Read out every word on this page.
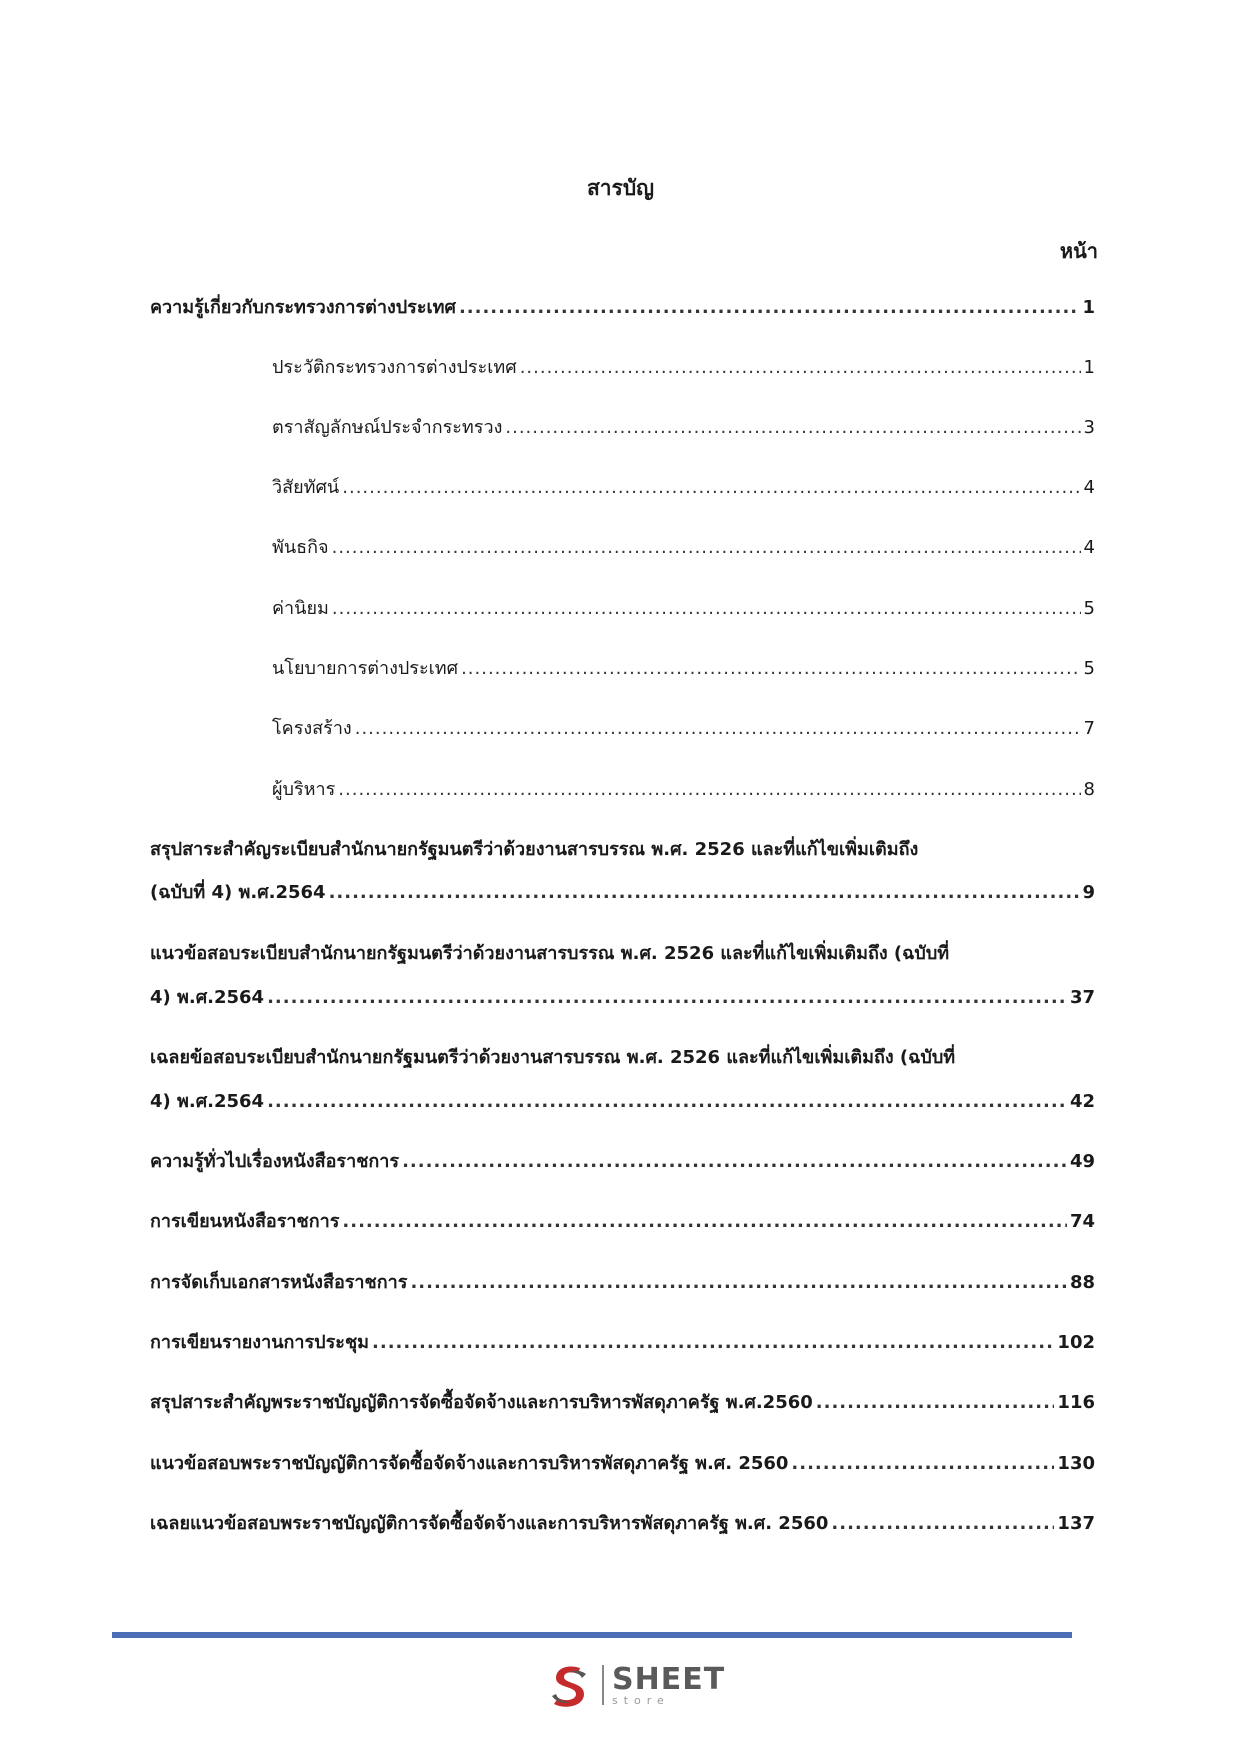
สารบัญ
หน้า
ความรู้เกี่ยวกับกระทรวงการต่างประเทศ .....	1
ประวัติกระทรวงการต่างประเทศ .....	1
ตราสัญลักษณ์ประจำกระทรวง .....	3
วิสัยทัศน์ .....	4
พันธกิจ .....	4
ค่านิยม .....	5
นโยบายการต่างประเทศ .....	5
โครงสร้าง .....	7
ผู้บริหาร .....	8
สรุปสาระสำคัญระเบียบสำนักนายกรัฐมนตรีว่าด้วยงานสารบรรณ พ.ศ. 2526 และที่แก้ไขเพิ่มเติมถึง
(ฉบับที่ 4) พ.ศ.2564 .....	9
แนวข้อสอบระเบียบสำนักนายกรัฐมนตรีว่าด้วยงานสารบรรณ พ.ศ. 2526 และที่แก้ไขเพิ่มเติมถึง (ฉบับที่
4) พ.ศ.2564 .....	37
เฉลยข้อสอบระเบียบสำนักนายกรัฐมนตรีว่าด้วยงานสารบรรณ พ.ศ. 2526 และที่แก้ไขเพิ่มเติมถึง (ฉบับที่
4) พ.ศ.2564 .....	42
ความรู้ทั่วไปเรื่องหนังสือราชการ .....	49
การเขียนหนังสือราชการ .....	74
การจัดเก็บเอกสารหนังสือราชการ .....	88
การเขียนรายงานการประชุม .....	102
สรุปสาระสำคัญพระราชบัญญัติการจัดซื้อจัดจ้างและการบริหารพัสดุภาครัฐ พ.ศ.2560 .....	116
แนวข้อสอบพระราชบัญญัติการจัดซื้อจัดจ้างและการบริหารพัสดุภาครัฐ พ.ศ. 2560 .....	130
เฉลยแนวข้อสอบพระราชบัญญัติการจัดซื้อจัดจ้างและการบริหารพัสดุภาครัฐ พ.ศ. 2560 .....	137
SHEET
store
